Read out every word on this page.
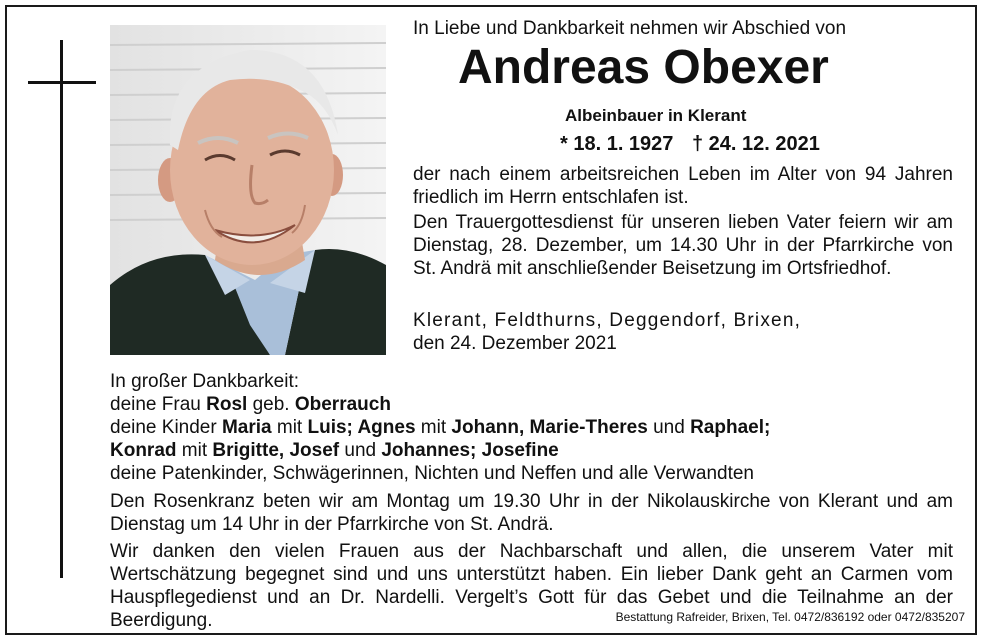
In Liebe und Dankbarkeit nehmen wir Abschied von
Andreas Obexer
Albeinbauer in Klerant
* 18. 1. 1927 † 24. 12. 2021
der nach einem arbeitsreichen Leben im Alter von 94 Jahren friedlich im Herrn entschlafen ist.
Den Trauergottesdienst für unseren lieben Vater feiern wir am Dienstag, 28. Dezember, um 14.30 Uhr in der Pfarrkirche von St. Andrä mit anschließender Beisetzung im Ortsfriedhof.
Klerant, Feldthurns, Deggendorf, Brixen,
den 24. Dezember 2021
In großer Dankbarkeit:
deine Frau Rosl geb. Oberrauch
deine Kinder Maria mit Luis; Agnes mit Johann, Marie-Theres und Raphael;
Konrad mit Brigitte, Josef und Johannes; Josefine
deine Patenkinder, Schwägerinnen, Nichten und Neffen und alle Verwandten
Den Rosenkranz beten wir am Montag um 19.30 Uhr in der Nikolauskirche von Klerant und am Dienstag um 14 Uhr in der Pfarrkirche von St. Andrä.
Wir danken den vielen Frauen aus der Nachbarschaft und allen, die unserem Vater mit Wertschätzung begegnet sind und uns unterstützt haben. Ein lieber Dank geht an Carmen vom Hauspflegedienst und an Dr. Nardelli. Vergelt’s Gott für das Gebet und die Teilnahme an der Beerdigung.	Bestattung Rafreider, Brixen, Tel. 0472/836192 oder 0472/835207
